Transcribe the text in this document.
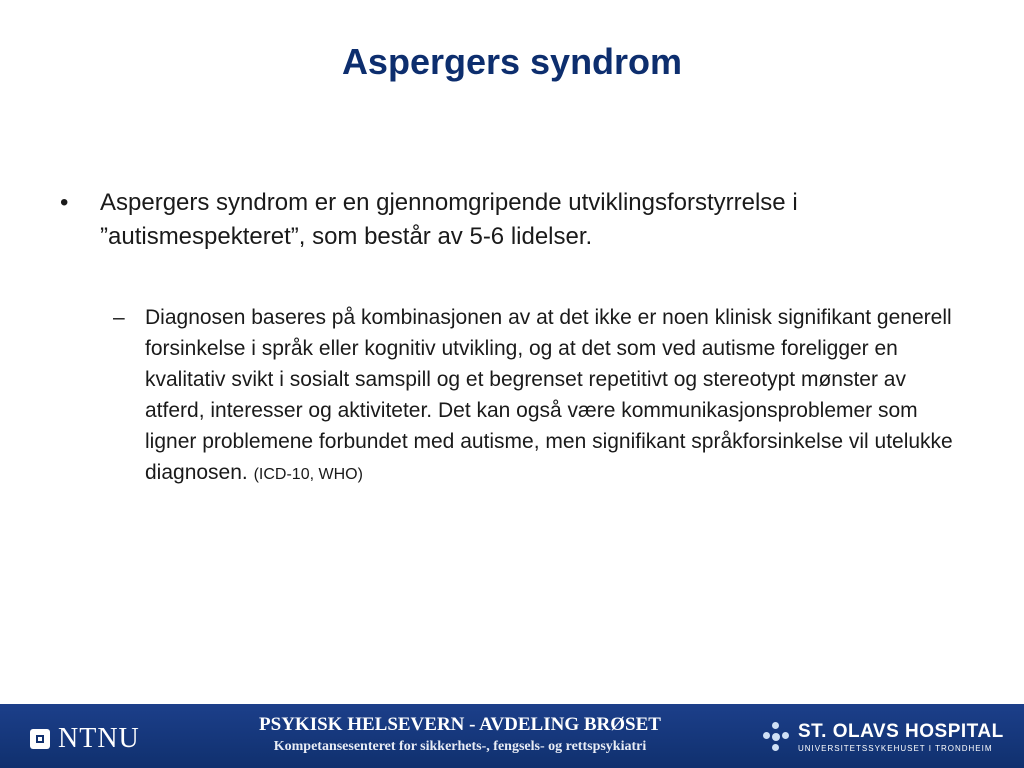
Aspergers syndrom
•	Aspergers syndrom er en gjennomgripende utviklingsforstyrrelse i ”autismespekteret”, som består av 5-6 lidelser.
– Diagnosen baseres på kombinasjonen av at det ikke er noen klinisk signifikant generell forsinkelse i språk eller kognitiv utvikling, og at det som ved autisme foreligger en kvalitativ svikt i sosialt samspill og et begrenset repetitivt og stereotypt mønster av atferd, interesser og aktiviteter. Det kan også være kommunikasjonsproblemer som ligner problemene forbundet med autisme, men signifikant språkforsinkelse vil utelukke diagnosen. (ICD-10, WHO)
NTNU	PSYKISK HELSEVERN - AVDELING BRØSET
Kompetansesenteret for sikkerhets-, fengsels- og rettspsykiatri
ST. OLAVS HOSPITAL
UNIVERSITETSSYKEHUSET I TRONDHEIM
